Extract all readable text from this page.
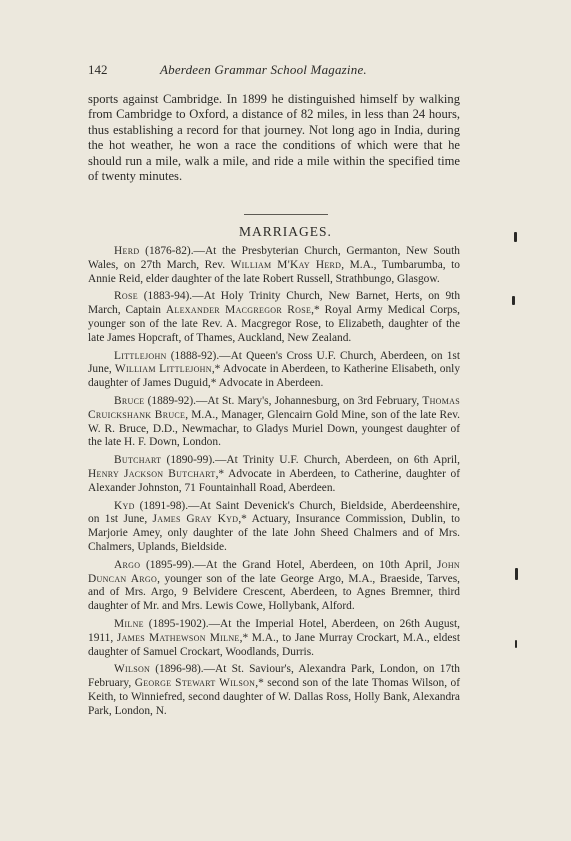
142	Aberdeen Grammar School Magazine.

sports against Cambridge. In 1899 he distinguished himself by walking from Cambridge to Oxford, a distance of 82 miles, in less than 24 hours, thus establishing a record for that journey. Not long ago in India, during the hot weather, he won a race the conditions of which were that he should run a mile, walk a mile, and ride a mile within the specified time of twenty minutes.

MARRIAGES.

Herd (1876-82).—At the Presbyterian Church, Germanton, New South Wales, on 27th March, Rev. William M'Kay Herd, M.A., Tumbarumba, to Annie Reid, elder daughter of the late Robert Russell, Strathbungo, Glasgow.

Rose (1883-94).—At Holy Trinity Church, New Barnet, Herts, on 9th March, Captain Alexander Macgregor Rose,* Royal Army Medical Corps, younger son of the late Rev. A. Macgregor Rose, to Elizabeth, daughter of the late James Hopcraft, of Thames, Auckland, New Zealand.

Littlejohn (1888-92).—At Queen's Cross U.F. Church, Aberdeen, on 1st June, William Littlejohn,* Advocate in Aberdeen, to Katherine Elisabeth, only daughter of James Duguid,* Advocate in Aberdeen.

Bruce (1889-92).—At St. Mary's, Johannesburg, on 3rd February, Thomas Cruickshank Bruce, M.A., Manager, Glencairn Gold Mine, son of the late Rev. W. R. Bruce, D.D., Newmachar, to Gladys Muriel Down, youngest daughter of the late H. F. Down, London.

Butchart (1890-99).—At Trinity U.F. Church, Aberdeen, on 6th April, Henry Jackson Butchart,* Advocate in Aberdeen, to Catherine, daughter of Alexander Johnston, 71 Fountainhall Road, Aberdeen.

Kyd (1891-98).—At Saint Devenick's Church, Bieldside, Aberdeenshire, on 1st June, James Gray Kyd,* Actuary, Insurance Commission, Dublin, to Marjorie Amey, only daughter of the late John Sheed Chalmers and of Mrs. Chalmers, Uplands, Bieldside.

Argo (1895-99).—At the Grand Hotel, Aberdeen, on 10th April, John Duncan Argo, younger son of the late George Argo, M.A., Braeside, Tarves, and of Mrs. Argo, 9 Belvidere Crescent, Aberdeen, to Agnes Bremner, third daughter of Mr. and Mrs. Lewis Cowe, Hollybank, Alford.

Milne (1895-1902).—At the Imperial Hotel, Aberdeen, on 26th August, 1911, James Mathewson Milne,* M.A., to Jane Murray Crockart, M.A., eldest daughter of Samuel Crockart, Woodlands, Durris.

Wilson (1896-98).—At St. Saviour's, Alexandra Park, London, on 17th February, George Stewart Wilson,* second son of the late Thomas Wilson, of Keith, to Winniefred, second daughter of W. Dallas Ross, Holly Bank, Alexandra Park, London, N.
